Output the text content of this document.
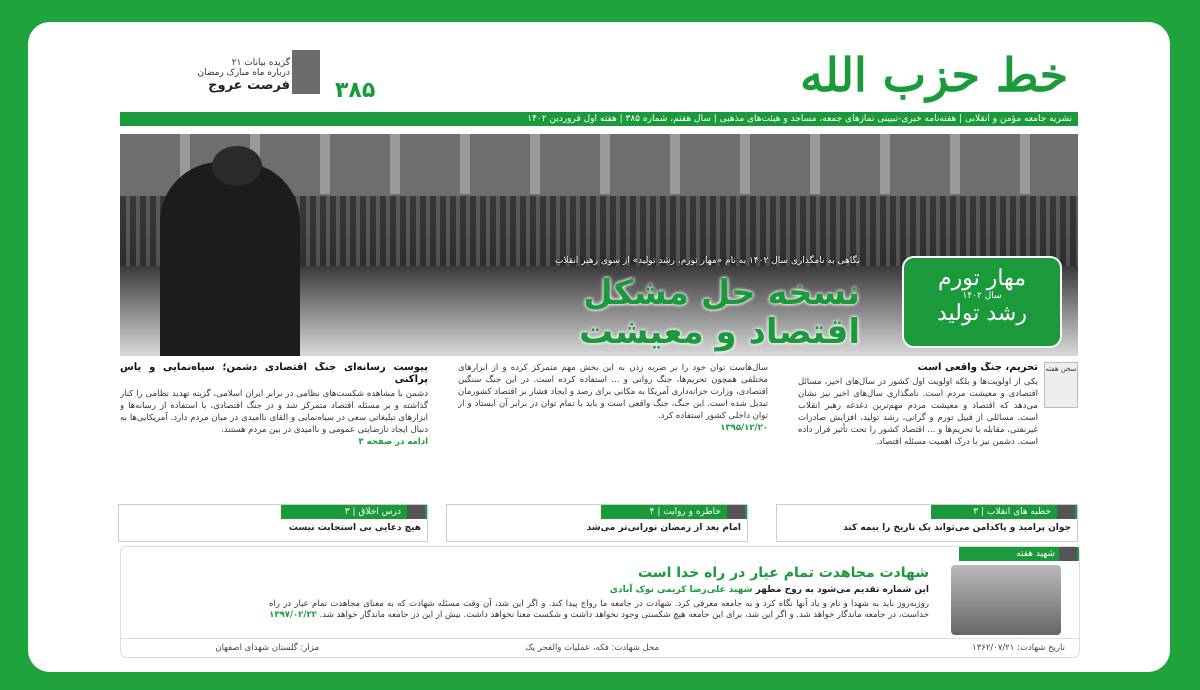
خط حزب الله
۳۸۵
گزیده بیانات ۲۱
درباره ماه مبارک رمضان
فرصت عروج
نشریه جامعه مؤمن و انقلابی | هفته‌نامه خبری-تبیینی نمازهای جمعه، مساجد و هیئت‌های مذهبی | سال هفتم، شماره ۳۸۵ | هفته اول فروردین ۱۴۰۲
نگاهی به نامگذاری سال ۱۴۰۲ به نام «مهار تورم، رشد تولید» از سوی رهبر انقلاب
نسخه حل مشکل
اقتصاد و معیشت
مهار تورم
سال ۱۴۰۲
رشد تولید
سخن هفته
تحریم، جنگ واقعی است
یکی از اولویت‌ها و بلکه اولویت اول کشور در سال‌های اخیر، مسائل اقتصادی و معیشت مردم است. نامگذاری سال‌های اخیر نیز نشان می‌دهد که اقتصاد و معیشت مردم مهم‌ترین دغدغه رهبر انقلاب است. مسائلی از قبیل تورم و گرانی، رشد تولید، افزایش صادرات غیرنفتی، مقابله با تحریم‌ها و ... اقتصاد کشور را تحت تأثیر قرار داده است. دشمن نیز با درک اهمیت مسئله اقتصاد.
سال‌هاست توان خود را بر ضربه زدن به این بخش مهم متمرکز کرده و از ابزارهای مختلفی همچون تحریم‌ها، جنگ روانی و ... استفاده کرده است. در این جنگ سنگین اقتصادی، وزارت خزانه‌داری آمریکا به مکانی برای رصد و ایجاد فشار بر اقتصاد کشورمان تبدیل شده است. این جنگ، جنگ واقعی است و باید با تمام توان در برابر آن ایستاد و از توان داخلی کشور استفاده کرد.
۱۳۹۵/۱۲/۲۰
پیوست رسانه‌ای جنگ اقتصادی دشمن؛ سیاه‌نمایی و یأس پراکنی
دشمن با مشاهده شکست‌های نظامی در برابر ایران اسلامی، گزینه تهدید نظامی را کنار گذاشته و بر مسئله اقتصاد متمرکز شد و در جنگ اقتصادی، با استفاده از رسانه‌ها و ابزارهای تبلیغاتی سعی در سیاه‌نمایی و القای ناامیدی در میان مردم دارد. آمریکایی‌ها به دنبال ایجاد نارضایتی عمومی و ناامیدی در بین مردم هستند.
ادامه در صفحه ۳
خطبه های انقلاب | ۳
جوان پرامید و پاکدامن می‌تواند یک تاریخ را بیمه کند
خاطره و روایت | ۴
امام بعد از رمضان نورانی‌تر می‌شد
درس اخلاق | ۳
هیچ دعایی بی استجابت نیست
شهید هفته
شهادت مجاهدت تمام عیار در راه خدا است
این شماره تقدیم می‌شود به روح مطهر شهید علی‌رضا کریمی نوک آبادی
روزبه‌روز باید به شهدا و نام و یاد آنها نگاه کرد و به جامعه معرفی کرد. شهادت در جامعه ما رواج پیدا کند. و اگر این شد، آن وقت مسئله شهادت که به معنای مجاهدت تمام عیار در راه خداست، در جامعه ماندگار خواهد شد. و اگر این شد، برای این جامعه هیچ شکستی وجود نخواهد داشت و شکست معنا نخواهد داشت. بیش از این در جامعه ماندگار خواهد شد. ۱۳۹۷/۰۲/۲۲
تاریخ شهادت: ۱۳۶۲/۰۷/۲۱
محل شهادت: فکه، عملیات والفجر یک
مزار: گلستان شهدای اصفهان
